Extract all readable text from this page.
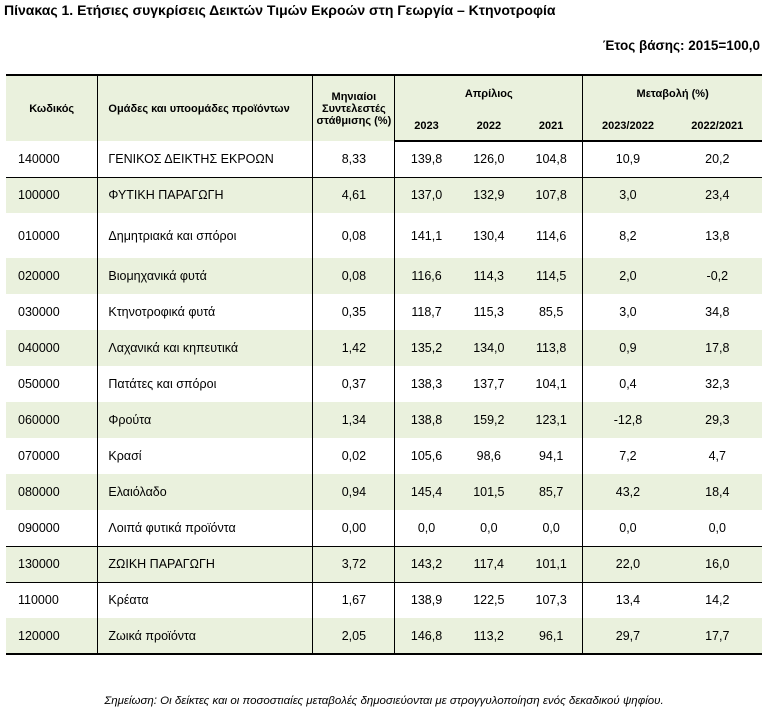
Πίνακας 1. Ετήσιες συγκρίσεις Δεικτών Τιμών Εκροών στη Γεωργία – Κτηνοτροφία
Έτος βάσης: 2015=100,0
Κωδικός	Ομάδες και υποομάδες προϊόντων	Μηνιαίοι Συντελεστές στάθμισης (%)	Απρίλιος			Μεταβολή (%)	
			2023	2022	2021	2023/2022	2022/2021
140000	ΓΕΝΙΚΟΣ ΔΕΙΚΤΗΣ ΕΚΡΟΩΝ	8,33	139,8	126,0	104,8	10,9	20,2
100000	ΦΥΤΙΚΗ ΠΑΡΑΓΩΓΗ	4,61	137,0	132,9	107,8	3,0	23,4
010000	Δημητριακά και σπόροι	0,08	141,1	130,4	114,6	8,2	13,8
020000	Βιομηχανικά φυτά	0,08	116,6	114,3	114,5	2,0	-0,2
030000	Κτηνοτροφικά φυτά	0,35	118,7	115,3	85,5	3,0	34,8
040000	Λαχανικά και κηπευτικά	1,42	135,2	134,0	113,8	0,9	17,8
050000	Πατάτες και σπόροι	0,37	138,3	137,7	104,1	0,4	32,3
060000	Φρούτα	1,34	138,8	159,2	123,1	-12,8	29,3
070000	Κρασί	0,02	105,6	98,6	94,1	7,2	4,7
080000	Ελαιόλαδο	0,94	145,4	101,5	85,7	43,2	18,4
090000	Λοιπά φυτικά προϊόντα	0,00	0,0	0,0	0,0	0,0	0,0
130000	ΖΩΙΚΗ ΠΑΡΑΓΩΓΗ	3,72	143,2	117,4	101,1	22,0	16,0
110000	Κρέατα	1,67	138,9	122,5	107,3	13,4	14,2
120000	Ζωικά προϊόντα	2,05	146,8	113,2	96,1	29,7	17,7
Σημείωση: Οι δείκτες και οι ποσοστιαίες μεταβολές δημοσιεύονται με στρογγυλοποίηση ενός δεκαδικού ψηφίου.
